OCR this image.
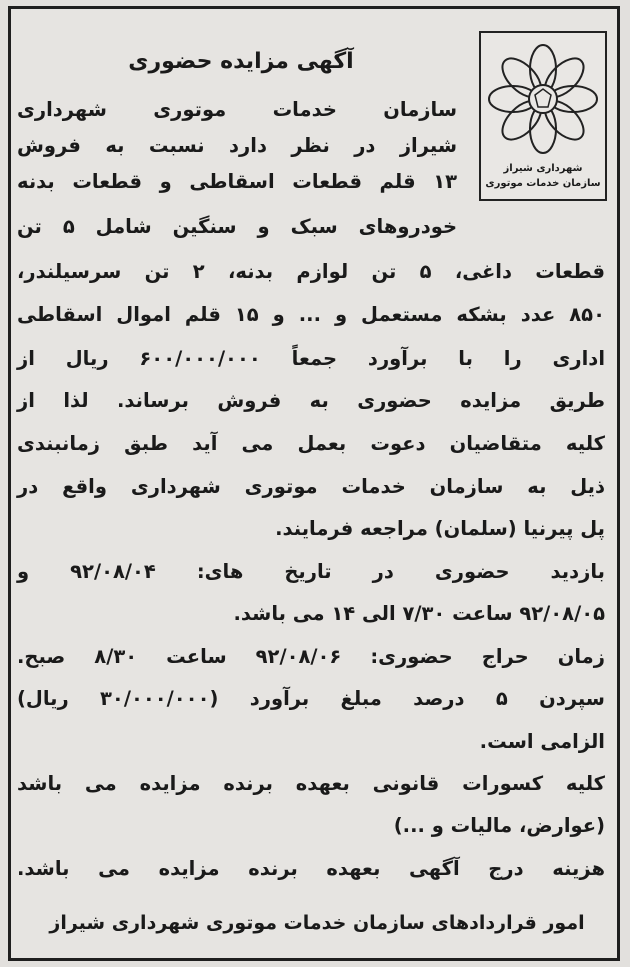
شهرداری شیراز
سازمان خدمات موتوری
آگهی مزایده حضوری
سازمان خدمات موتوری شهرداری
شیراز در نظر دارد نسبت به فروش
۱۳ قلم قطعات اسقاطی و قطعات بدنه
خودروهای سبک و سنگین شامل ۵ تن
قطعات داغی، ۵ تن لوازم بدنه، ۲ تن سرسیلندر،
۸۵۰ عدد بشکه مستعمل و ... و ۱۵ قلم اموال اسقاطی
اداری را با برآورد جمعاً ۶۰۰/۰۰۰/۰۰۰ ریال از
طریق مزایده حضوری به فروش برساند. لذا از
کلیه متقاضیان دعوت بعمل می آید طبق زمانبندی
ذیل به سازمان خدمات موتوری شهرداری واقع در
پل پیرنیا (سلمان) مراجعه فرمایند.
بازدید حضوری در تاریخ های: ۹۲/۰۸/۰۴ و
۹۲/۰۸/۰۵ ساعت ۷/۳۰ الی ۱۴ می باشد.
زمان حراج حضوری: ۹۲/۰۸/۰۶ ساعت ۸/۳۰ صبح.
سپردن ۵ درصد مبلغ برآورد (۳۰/۰۰۰/۰۰۰ ریال)
الزامی است.
کلیه کسورات قانونی بعهده برنده مزایده می باشد
(عوارض، مالیات و ...)
هزینه درج آگهی بعهده برنده مزایده می باشد.
امور قراردادهای سازمان خدمات موتوری شهرداری شیراز
